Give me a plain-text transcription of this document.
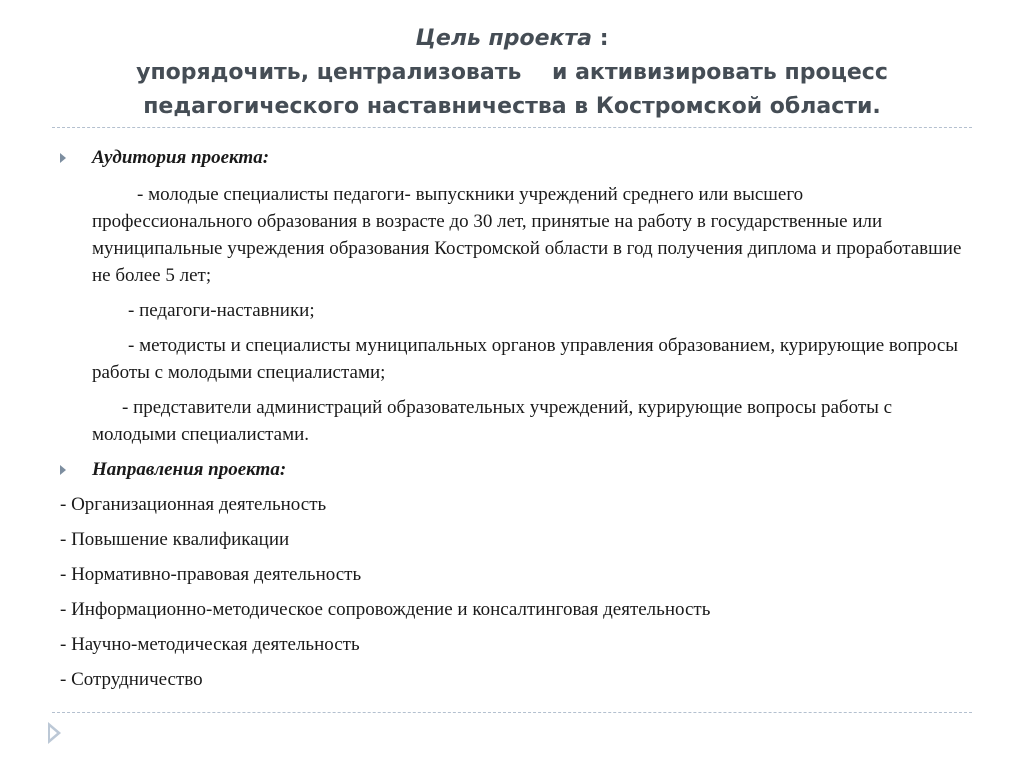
Цель проекта :
упорядочить, централизовать    и активизировать процесс
педагогического наставничества в Костромской области.
Аудитория проекта:
- молодые специалисты педагоги- выпускники учреждений среднего или высшего профессионального образования в возрасте до 30 лет, принятые на работу в государственные или муниципальные учреждения образования Костромской области в год получения диплома и проработавшие не более 5 лет;
- педагоги-наставники;
- методисты и специалисты муниципальных органов управления образованием, курирующие вопросы работы с молодыми специалистами;
- представители администраций образовательных учреждений, курирующие вопросы работы с молодыми специалистами.
Направления проекта:
- Организационная деятельность
- Повышение квалификации
- Нормативно-правовая деятельность
- Информационно-методическое сопровождение и консалтинговая деятельность
- Научно-методическая деятельность
- Сотрудничество
